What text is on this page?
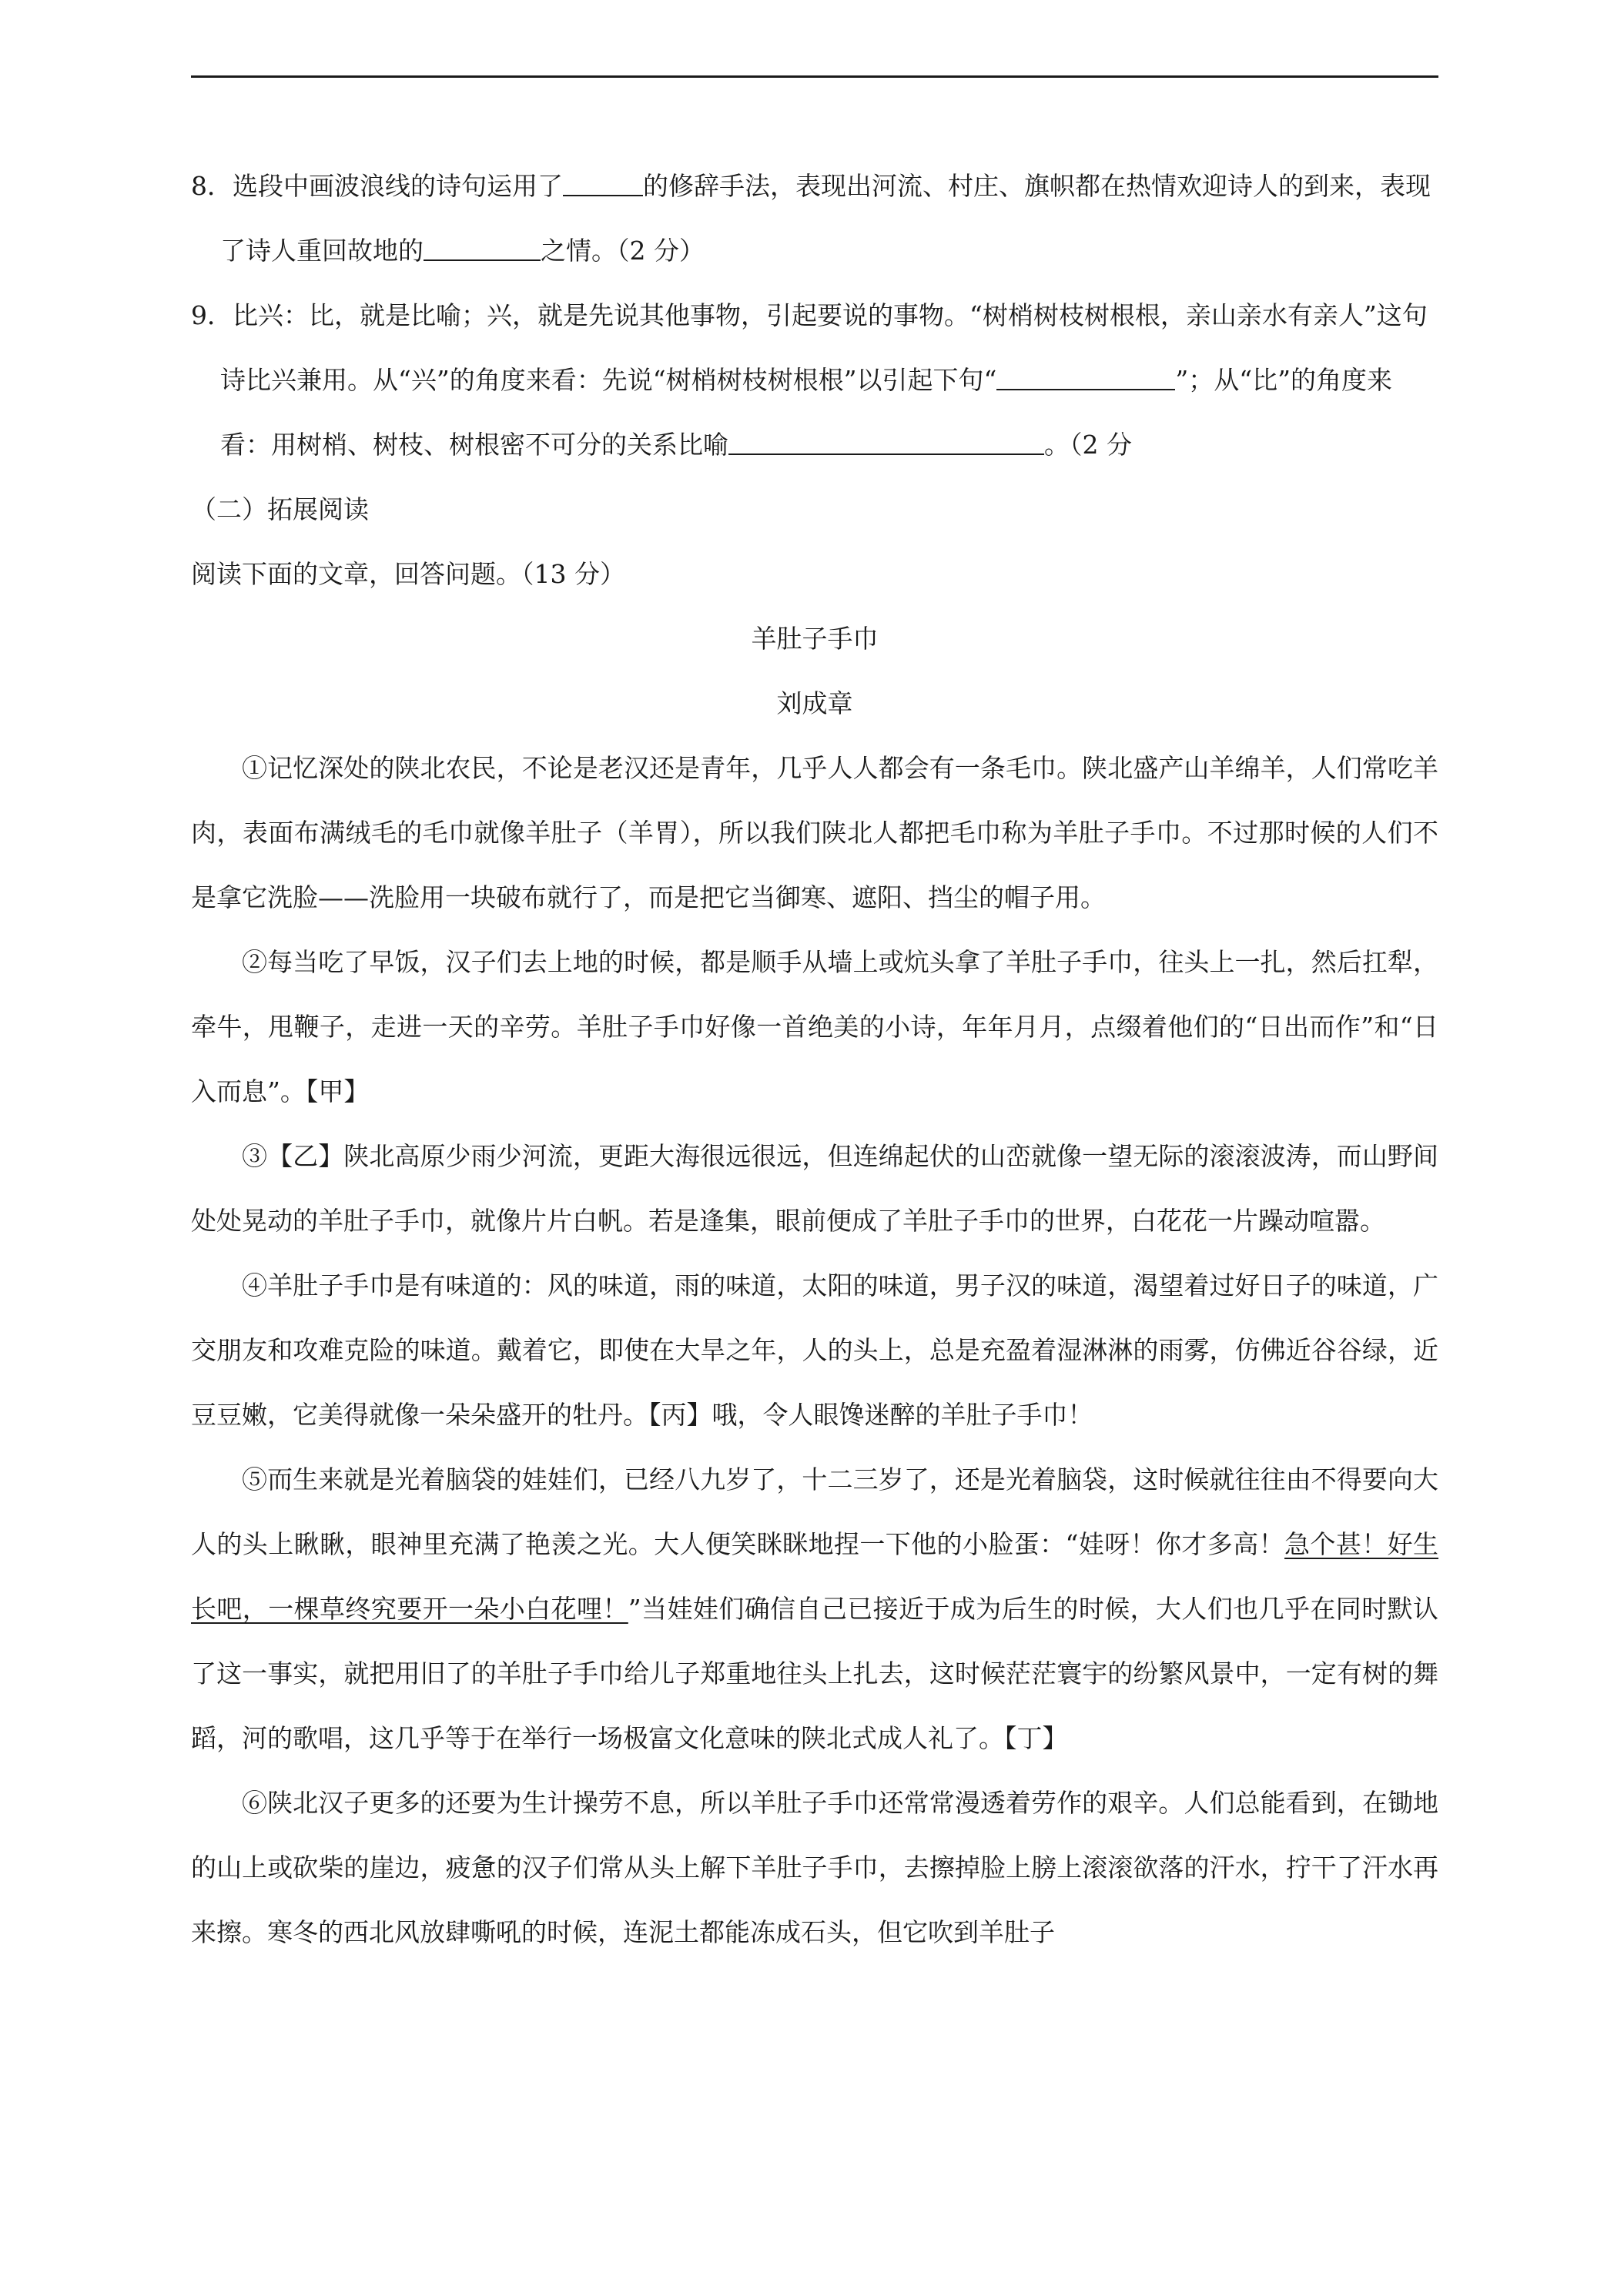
8．选段中画波浪线的诗句运用了	的修辞手法，表现出河流、村庄、旗帜都在热情欢迎诗人的到来，表现了诗人重回故地的	之情。（2 分）

9．比兴：比，就是比喻；兴，就是先说其他事物，引起要说的事物。“树梢树枝树根根，亲山亲水有亲人”这句诗比兴兼用。从“兴”的角度来看：先说“树梢树枝树根根”以引起下句“	”；从“比”的角度来看：用树梢、树枝、树根密不可分的关系比喻	。（2 分

（二）拓展阅读

阅读下面的文章，回答问题。（13 分）

羊肚子手巾

刘成章

①记忆深处的陕北农民，不论是老汉还是青年，几乎人人都会有一条毛巾。陕北盛产山羊绵羊，人们常吃羊肉，表面布满绒毛的毛巾就像羊肚子（羊胃），所以我们陕北人都把毛巾称为羊肚子手巾。不过那时候的人们不是拿它洗脸——洗脸用一块破布就行了，而是把它当御寒、遮阳、挡尘的帽子用。

②每当吃了早饭，汉子们去上地的时候，都是顺手从墙上或炕头拿了羊肚子手巾，往头上一扎，然后扛犁，牵牛，甩鞭子，走进一天的辛劳。羊肚子手巾好像一首绝美的小诗，年年月月，点缀着他们的“日出而作”和“日入而息”。【甲】

③【乙】陕北高原少雨少河流，更距大海很远很远，但连绵起伏的山峦就像一望无际的滚滚波涛，而山野间处处晃动的羊肚子手巾，就像片片白帆。若是逢集，眼前便成了羊肚子手巾的世界，白花花一片躁动喧嚣。

④羊肚子手巾是有味道的：风的味道，雨的味道，太阳的味道，男子汉的味道，渴望着过好日子的味道，广交朋友和攻难克险的味道。戴着它，即使在大旱之年，人的头上，总是充盈着湿淋淋的雨雾，仿佛近谷谷绿，近豆豆嫩，它美得就像一朵朵盛开的牡丹。【丙】哦，令人眼馋迷醉的羊肚子手巾！

⑤而生来就是光着脑袋的娃娃们，已经八九岁了，十二三岁了，还是光着脑袋，这时候就往往由不得要向大人的头上瞅瞅，眼神里充满了艳羡之光。大人便笑眯眯地捏一下他的小脸蛋：“娃呀！你才多高！急个甚！好生长吧，一棵草终究要开一朵小白花哩！”当娃娃们确信自己已接近于成为后生的时候，大人们也几乎在同时默认了这一事实，就把用旧了的羊肚子手巾给儿子郑重地往头上扎去，这时候茫茫寰宇的纷繁风景中，一定有树的舞蹈，河的歌唱，这几乎等于在举行一场极富文化意味的陕北式成人礼了。【丁】

⑥陕北汉子更多的还要为生计操劳不息，所以羊肚子手巾还常常漫透着劳作的艰辛。人们总能看到，在锄地的山上或砍柴的崖边，疲惫的汉子们常从头上解下羊肚子手巾，去擦掉脸上膀上滚滚欲落的汗水，拧干了汗水再来擦。寒冬的西北风放肆嘶吼的时候，连泥土都能冻成石头，但它吹到羊肚子
